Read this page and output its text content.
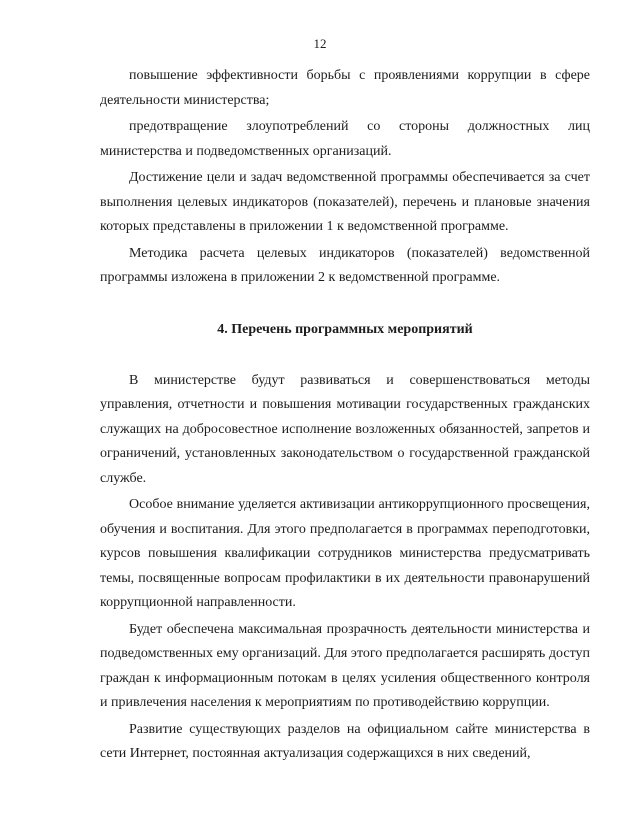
12

повышение эффективности борьбы с проявлениями коррупции в сфере деятельности министерства;

предотвращение злоупотреблений со стороны должностных лиц министерства и подведомственных организаций.

Достижение цели и задач ведомственной программы обеспечивается за счет выполнения целевых индикаторов (показателей), перечень и плановые значения которых представлены в приложении 1 к ведомственной программе.

Методика расчета целевых индикаторов (показателей) ведомственной программы изложена в приложении 2 к ведомственной программе.

4. Перечень программных мероприятий

В министерстве будут развиваться и совершенствоваться методы управления, отчетности и повышения мотивации государственных гражданских служащих на добросовестное исполнение возложенных обязанностей, запретов и ограничений, установленных законодательством о государственной гражданской службе.

Особое внимание уделяется активизации антикоррупционного просвещения, обучения и воспитания. Для этого предполагается в программах переподготовки, курсов повышения квалификации сотрудников министерства предусматривать темы, посвященные вопросам профилактики в их деятельности правонарушений коррупционной направленности.

Будет обеспечена максимальная прозрачность деятельности министерства и подведомственных ему организаций. Для этого предполагается расширять доступ граждан к информационным потокам в целях усиления общественного контроля и привлечения населения к мероприятиям по противодействию коррупции.

Развитие существующих разделов на официальном сайте министерства в сети Интернет, постоянная актуализация содержащихся в них сведений,
